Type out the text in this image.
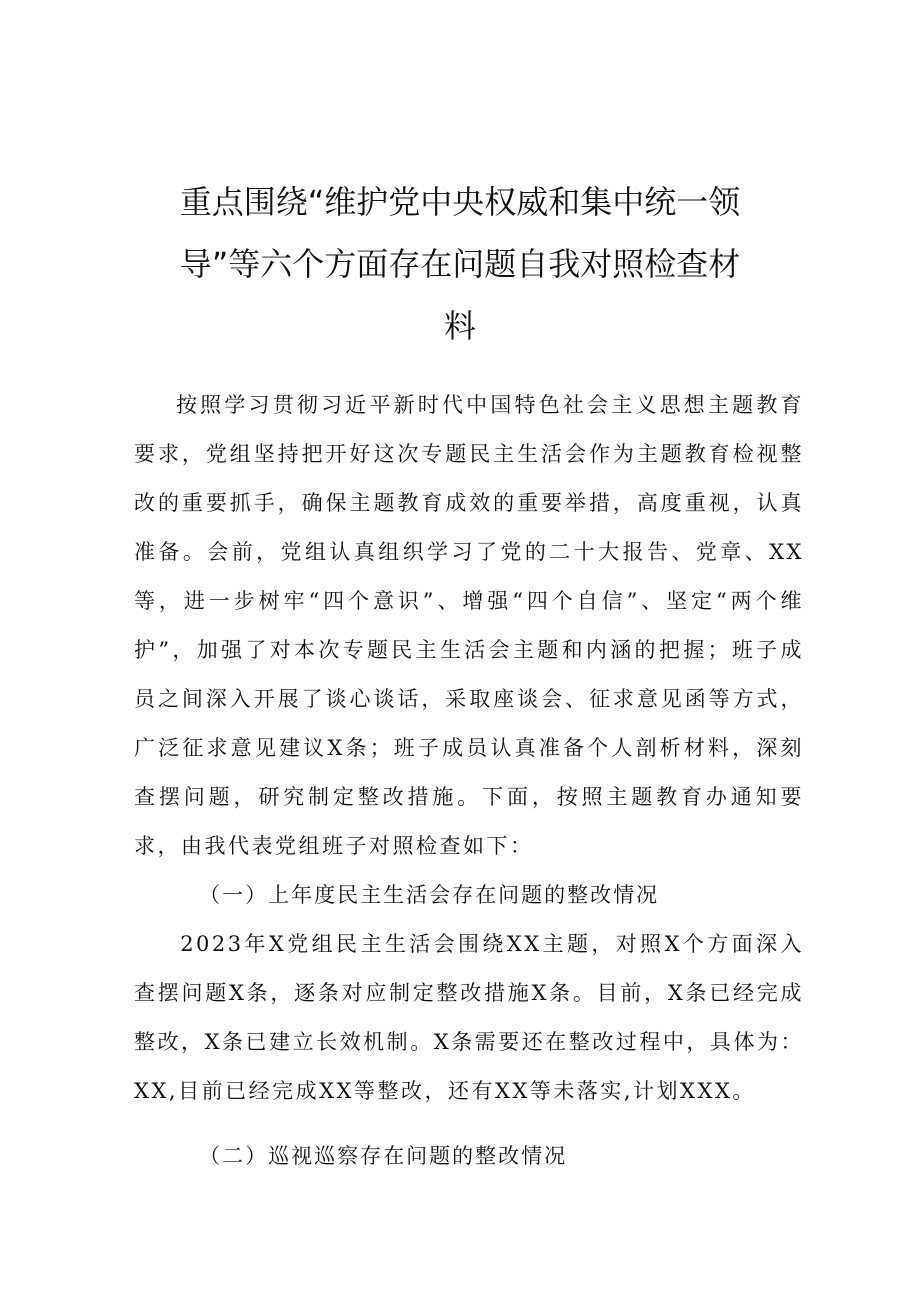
重点围绕“维护党中央权威和集中统一领
导”等六个方面存在问题自我对照检查材
料

按照学习贯彻习近平新时代中国特色社会主义思想主题教育要求，党组坚持把开好这次专题民主生活会作为主题教育检视整改的重要抓手，确保主题教育成效的重要举措，高度重视，认真准备。会前，党组认真组织学习了党的二十大报告、党章、XX等，进一步树牢“四个意识”、增强“四个自信”、坚定“两个维护”，加强了对本次专题民主生活会主题和内涵的把握；班子成员之间深入开展了谈心谈话，采取座谈会、征求意见函等方式，广泛征求意见建议X条；班子成员认真准备个人剖析材料，深刻查摆问题，研究制定整改措施。下面，按照主题教育办通知要求，由我代表党组班子对照检查如下：

（一）上年度民主生活会存在问题的整改情况

2023年X党组民主生活会围绕XX主题，对照X个方面深入查摆问题X条，逐条对应制定整改措施X条。目前，X条已经完成整改，X条已建立长效机制。X条需要还在整改过程中，具体为：XX,目前已经完成XX等整改，还有XX等未落实,计划XXX。

（二）巡视巡察存在问题的整改情况
